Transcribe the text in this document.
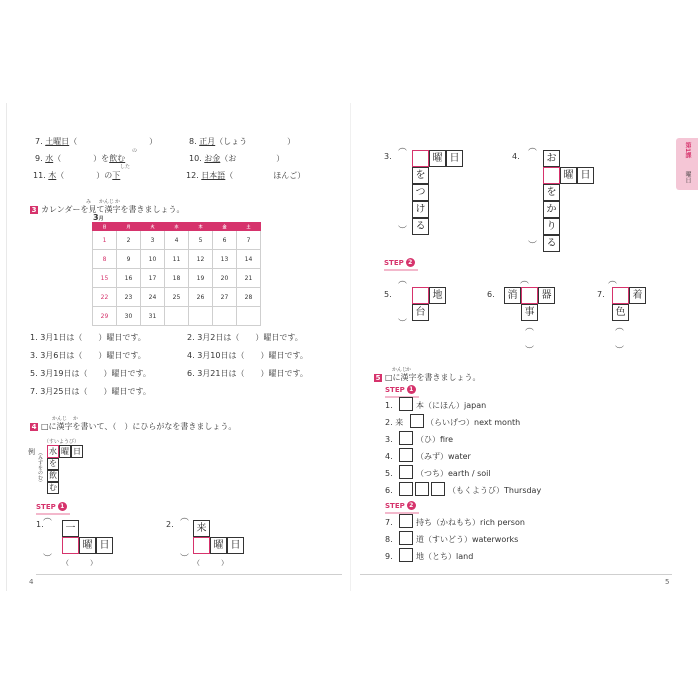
7. 土曜日（　　　　　　　　　）	8. 正月（しょう　　　　　）
の
9. 水（　　　　）を飲む	10. お金（お　　　　　）
した
11. 木（　　　　）の下	12. 日本語（　　　　　ほんご）
み かんじ か
3 カレンダーを見て漢字を書きましょう。
3月
日	月	火	水	木	金	土
1	2	3	4	5	6	7
8	9	10	11	12	13	14
15	16	17	18	19	20	21
22	23	24	25	26	27	28
29	30	31				
1. 3月1日は（　　）曜日です。	2. 3月2日は（　　）曜日です。
3. 3月6日は（　　）曜日です。	4. 3月10日は（　　）曜日です。
5. 3月19日は（　　）曜日です。	6. 3月21日は（　　）曜日です。
7. 3月25日は（　　）曜日です。
かんじ か
4 □に漢字を書いて、（　）にひらがなを書きましょう。
例
（すいようび）
（みずをのむ） 水 曜 日
を
飲
む
STEP 1
1.
︵
一
曜 日
︶ （　　　）
2.
︵
来
曜 日
︶ （　　　）
4
第1課
曜日
3.
︵
曜 日
を
つ
け
る
︶
4.
︵
お
曜 日
を
か
り
る
︶
STEP 2
5.
︵
地
台
︶
6.
︵
消	器
事
︵
︶
7.
︵
着
色
︵
︶
かんじ
か
5 □に漢字を書きましょう。
STEP 1
1.	本（にほん）japan
2. 来	（らいげつ）next month
3.	（ひ）fire
4.	（みず）water
5.	（つち）earth / soil
6.	（もくようび）Thursday
STEP 2
7.	持ち（かねもち）rich person
8.	道（すいどう）waterworks
9.	地（とち）land
5
